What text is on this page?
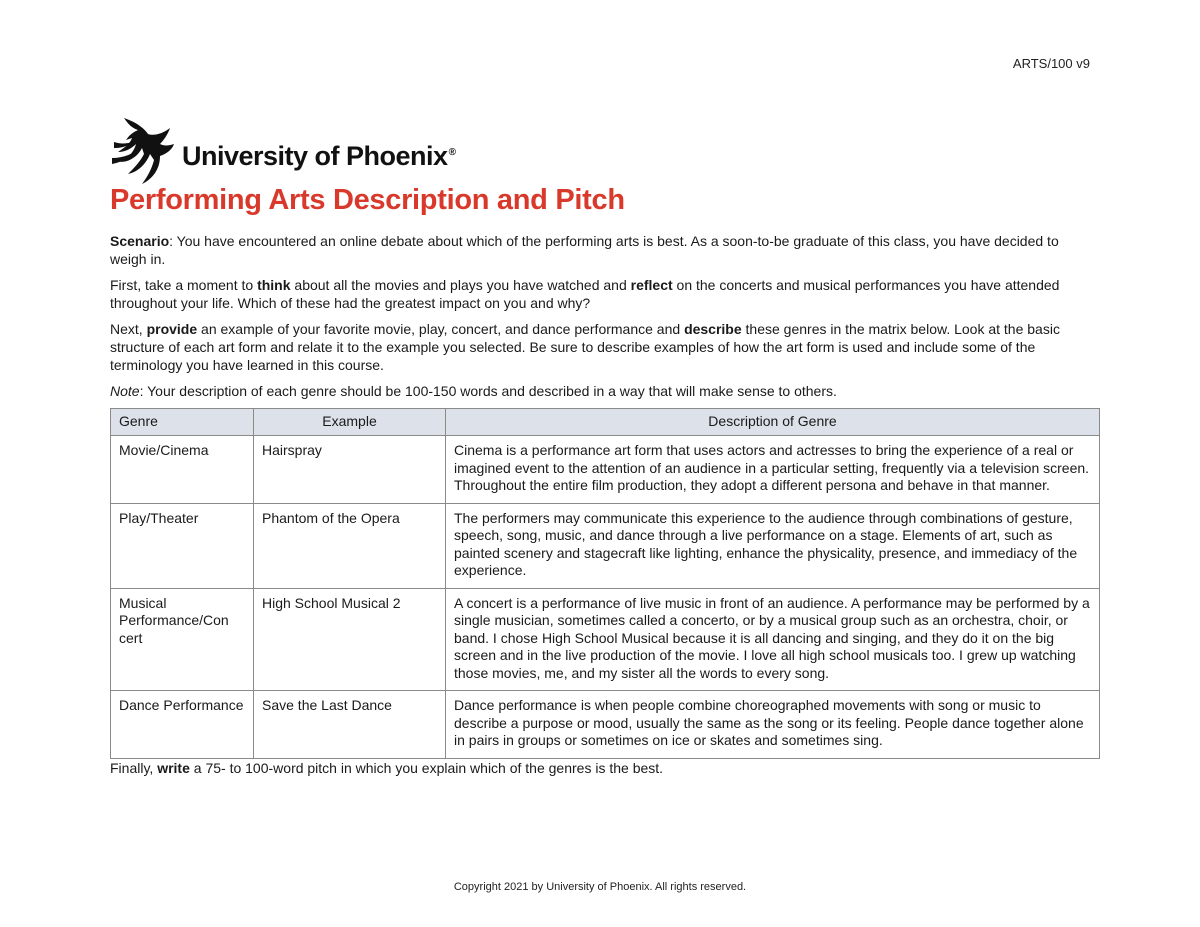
ARTS/100 v9
University of Phoenix®
Performing Arts Description and Pitch

Scenario: You have encountered an online debate about which of the performing arts is best. As a soon-to-be graduate of this class, you have decided to weigh in.

First, take a moment to think about all the movies and plays you have watched and reflect on the concerts and musical performances you have attended throughout your life. Which of these had the greatest impact on you and why?

Next, provide an example of your favorite movie, play, concert, and dance performance and describe these genres in the matrix below. Look at the basic structure of each art form and relate it to the example you selected. Be sure to describe examples of how the art form is used and include some of the terminology you have learned in this course.

Note: Your description of each genre should be 100-150 words and described in a way that will make sense to others.

Genre	Example	Description of Genre
Movie/Cinema	Hairspray	Cinema is a performance art form that uses actors and actresses to bring the experience of a real or imagined event to the attention of an audience in a particular setting, frequently via a television screen. Throughout the entire film production, they adopt a different persona and behave in that manner.
Play/Theater	Phantom of the Opera	The performers may communicate this experience to the audience through combinations of gesture, speech, song, music, and dance through a live performance on a stage. Elements of art, such as painted scenery and stagecraft like lighting, enhance the physicality, presence, and immediacy of the experience.
Musical Performance/Con cert	High School Musical 2	A concert is a performance of live music in front of an audience. A performance may be performed by a single musician, sometimes called a concerto, or by a musical group such as an orchestra, choir, or band. I chose High School Musical because it is all dancing and singing, and they do it on the big screen and in the live production of the movie. I love all high school musicals too. I grew up watching those movies, me, and my sister all the words to every song.
Dance Performance	Save the Last Dance	Dance performance is when people combine choreographed movements with song or music to describe a purpose or mood, usually the same as the song or its feeling. People dance together alone in pairs in groups or sometimes on ice or skates and sometimes sing.

Finally, write a 75- to 100-word pitch in which you explain which of the genres is the best.

Copyright 2021 by University of Phoenix. All rights reserved.
